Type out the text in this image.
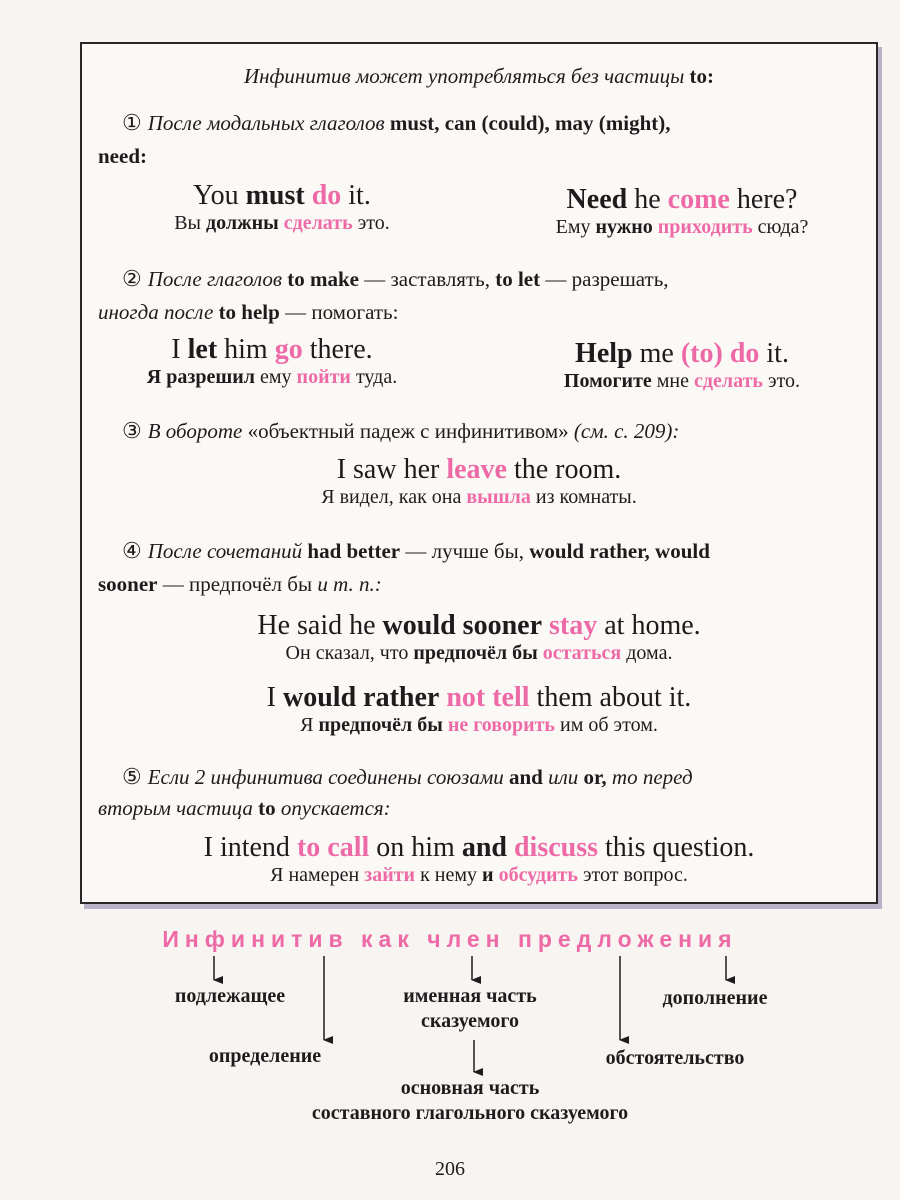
Инфинитив может употребляться без частицы to:
① После модальных глаголов must, can (could), may (might),
need:
You must do it.
Вы должны сделать это.
Need he come here?
Ему нужно приходить сюда?
② После глаголов to make — заставлять, to let — разрешать,
иногда после to help — помогать:
I let him go there.
Я разрешил ему пойти туда.
Help me (to) do it.
Помогите мне сделать это.
③ В обороте «объектный падеж с инфинитивом» (см. с. 209):
I saw her leave the room.
Я видел, как она вышла из комнаты.
④ После сочетаний had better — лучше бы, would rather, would
sooner — предпочёл бы и т. п.:
He said he would sooner stay at home.
Он сказал, что предпочёл бы остаться дома.
I would rather not tell them about it.
Я предпочёл бы не говорить им об этом.
⑤ Если 2 инфинитива соединены союзами and или or, то перед
вторым частица to опускается:
I intend to call on him and discuss this question.
Я намерен зайти к нему и обсудить этот вопрос.
Инфинитив как член предложения
подлежащее	именная часть
сказуемого
дополнение
определение	обстоятельство
основная часть
составного глагольного сказуемого
206
